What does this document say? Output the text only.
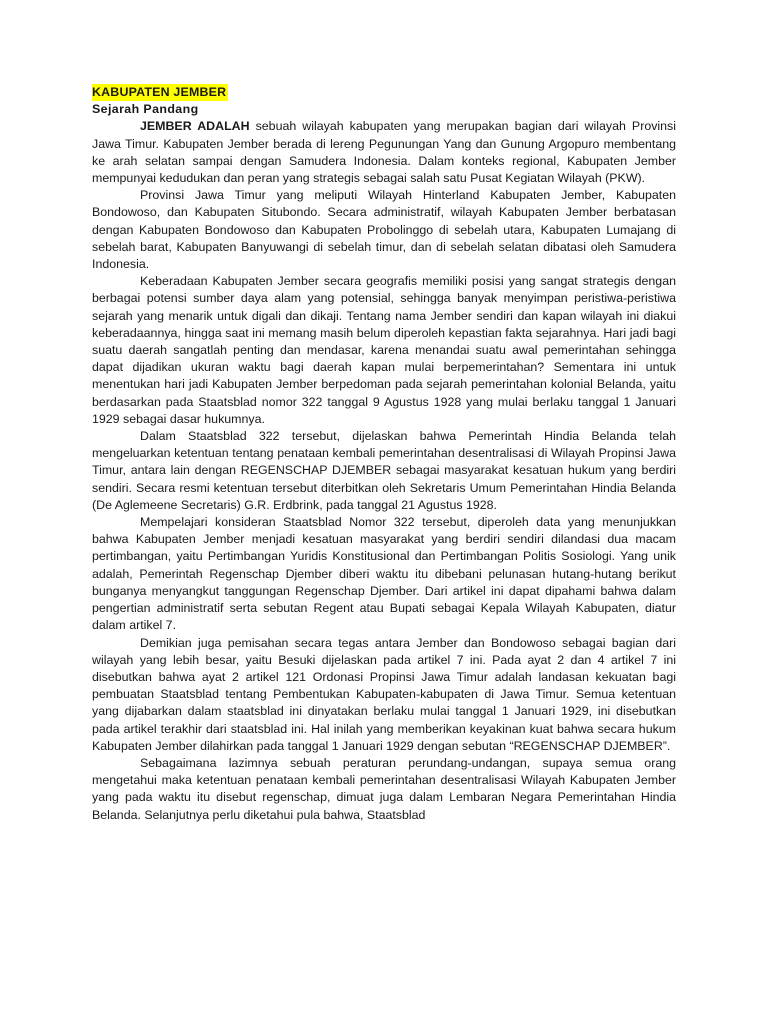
KABUPATEN JEMBER

Sejarah Pandang

JEMBER ADALAH sebuah wilayah kabupaten yang merupakan bagian dari wilayah Provinsi Jawa Timur. Kabupaten Jember berada di lereng Pegunungan Yang dan Gunung Argopuro membentang ke arah selatan sampai dengan Samudera Indonesia. Dalam konteks regional, Kabupaten Jember mempunyai kedudukan dan peran yang strategis sebagai salah satu Pusat Kegiatan Wilayah (PKW).

Provinsi Jawa Timur yang meliputi Wilayah Hinterland Kabupaten Jember, Kabupaten Bondowoso, dan Kabupaten Situbondo. Secara administratif, wilayah Kabupaten Jember berbatasan dengan Kabupaten Bondowoso dan Kabupaten Probolinggo di sebelah utara, Kabupaten Lumajang di sebelah barat, Kabupaten Banyuwangi di sebelah timur, dan di sebelah selatan dibatasi oleh Samudera Indonesia.

Keberadaan Kabupaten Jember secara geografis memiliki posisi yang sangat strategis dengan berbagai potensi sumber daya alam yang potensial, sehingga banyak menyimpan peristiwa-peristiwa sejarah yang menarik untuk digali dan dikaji. Tentang nama Jember sendiri dan kapan wilayah ini diakui keberadaannya, hingga saat ini memang masih belum diperoleh kepastian fakta sejarahnya. Hari jadi bagi suatu daerah sangatlah penting dan mendasar, karena menandai suatu awal pemerintahan sehingga dapat dijadikan ukuran waktu bagi daerah kapan mulai berpemerintahan? Sementara ini untuk menentukan hari jadi Kabupaten Jember berpedoman pada sejarah pemerintahan kolonial Belanda, yaitu berdasarkan pada Staatsblad nomor 322 tanggal 9 Agustus 1928 yang mulai berlaku tanggal 1 Januari 1929 sebagai dasar hukumnya.

Dalam Staatsblad 322 tersebut, dijelaskan bahwa Pemerintah Hindia Belanda telah mengeluarkan ketentuan tentang penataan kembali pemerintahan desentralisasi di Wilayah Propinsi Jawa Timur, antara lain dengan REGENSCHAP DJEMBER sebagai masyarakat kesatuan hukum yang berdiri sendiri. Secara resmi ketentuan tersebut diterbitkan oleh Sekretaris Umum Pemerintahan Hindia Belanda (De Aglemeene Secretaris) G.R. Erdbrink, pada tanggal 21 Agustus 1928.

Mempelajari konsideran Staatsblad Nomor 322 tersebut, diperoleh data yang menunjukkan bahwa Kabupaten Jember menjadi kesatuan masyarakat yang berdiri sendiri dilandasi dua macam pertimbangan, yaitu Pertimbangan Yuridis Konstitusional dan Pertimbangan Politis Sosiologi. Yang unik adalah, Pemerintah Regenschap Djember diberi waktu itu dibebani pelunasan hutang-hutang berikut bunganya menyangkut tanggungan Regenschap Djember. Dari artikel ini dapat dipahami bahwa dalam pengertian administratif serta sebutan Regent atau Bupati sebagai Kepala Wilayah Kabupaten, diatur dalam artikel 7.

Demikian juga pemisahan secara tegas antara Jember dan Bondowoso sebagai bagian dari wilayah yang lebih besar, yaitu Besuki dijelaskan pada artikel 7 ini. Pada ayat 2 dan 4 artikel 7 ini disebutkan bahwa ayat 2 artikel 121 Ordonasi Propinsi Jawa Timur adalah landasan kekuatan bagi pembuatan Staatsblad tentang Pembentukan Kabupaten-kabupaten di Jawa Timur. Semua ketentuan yang dijabarkan dalam staatsblad ini dinyatakan berlaku mulai tanggal 1 Januari 1929, ini disebutkan pada artikel terakhir dari staatsblad ini. Hal inilah yang memberikan keyakinan kuat bahwa secara hukum Kabupaten Jember dilahirkan pada tanggal 1 Januari 1929 dengan sebutan “REGENSCHAP DJEMBER”.

Sebagaimana lazimnya sebuah peraturan perundang-undangan, supaya semua orang mengetahui maka ketentuan penataan kembali pemerintahan desentralisasi Wilayah Kabupaten Jember yang pada waktu itu disebut regenschap, dimuat juga dalam Lembaran Negara Pemerintahan Hindia Belanda. Selanjutnya perlu diketahui pula bahwa, Staatsblad
